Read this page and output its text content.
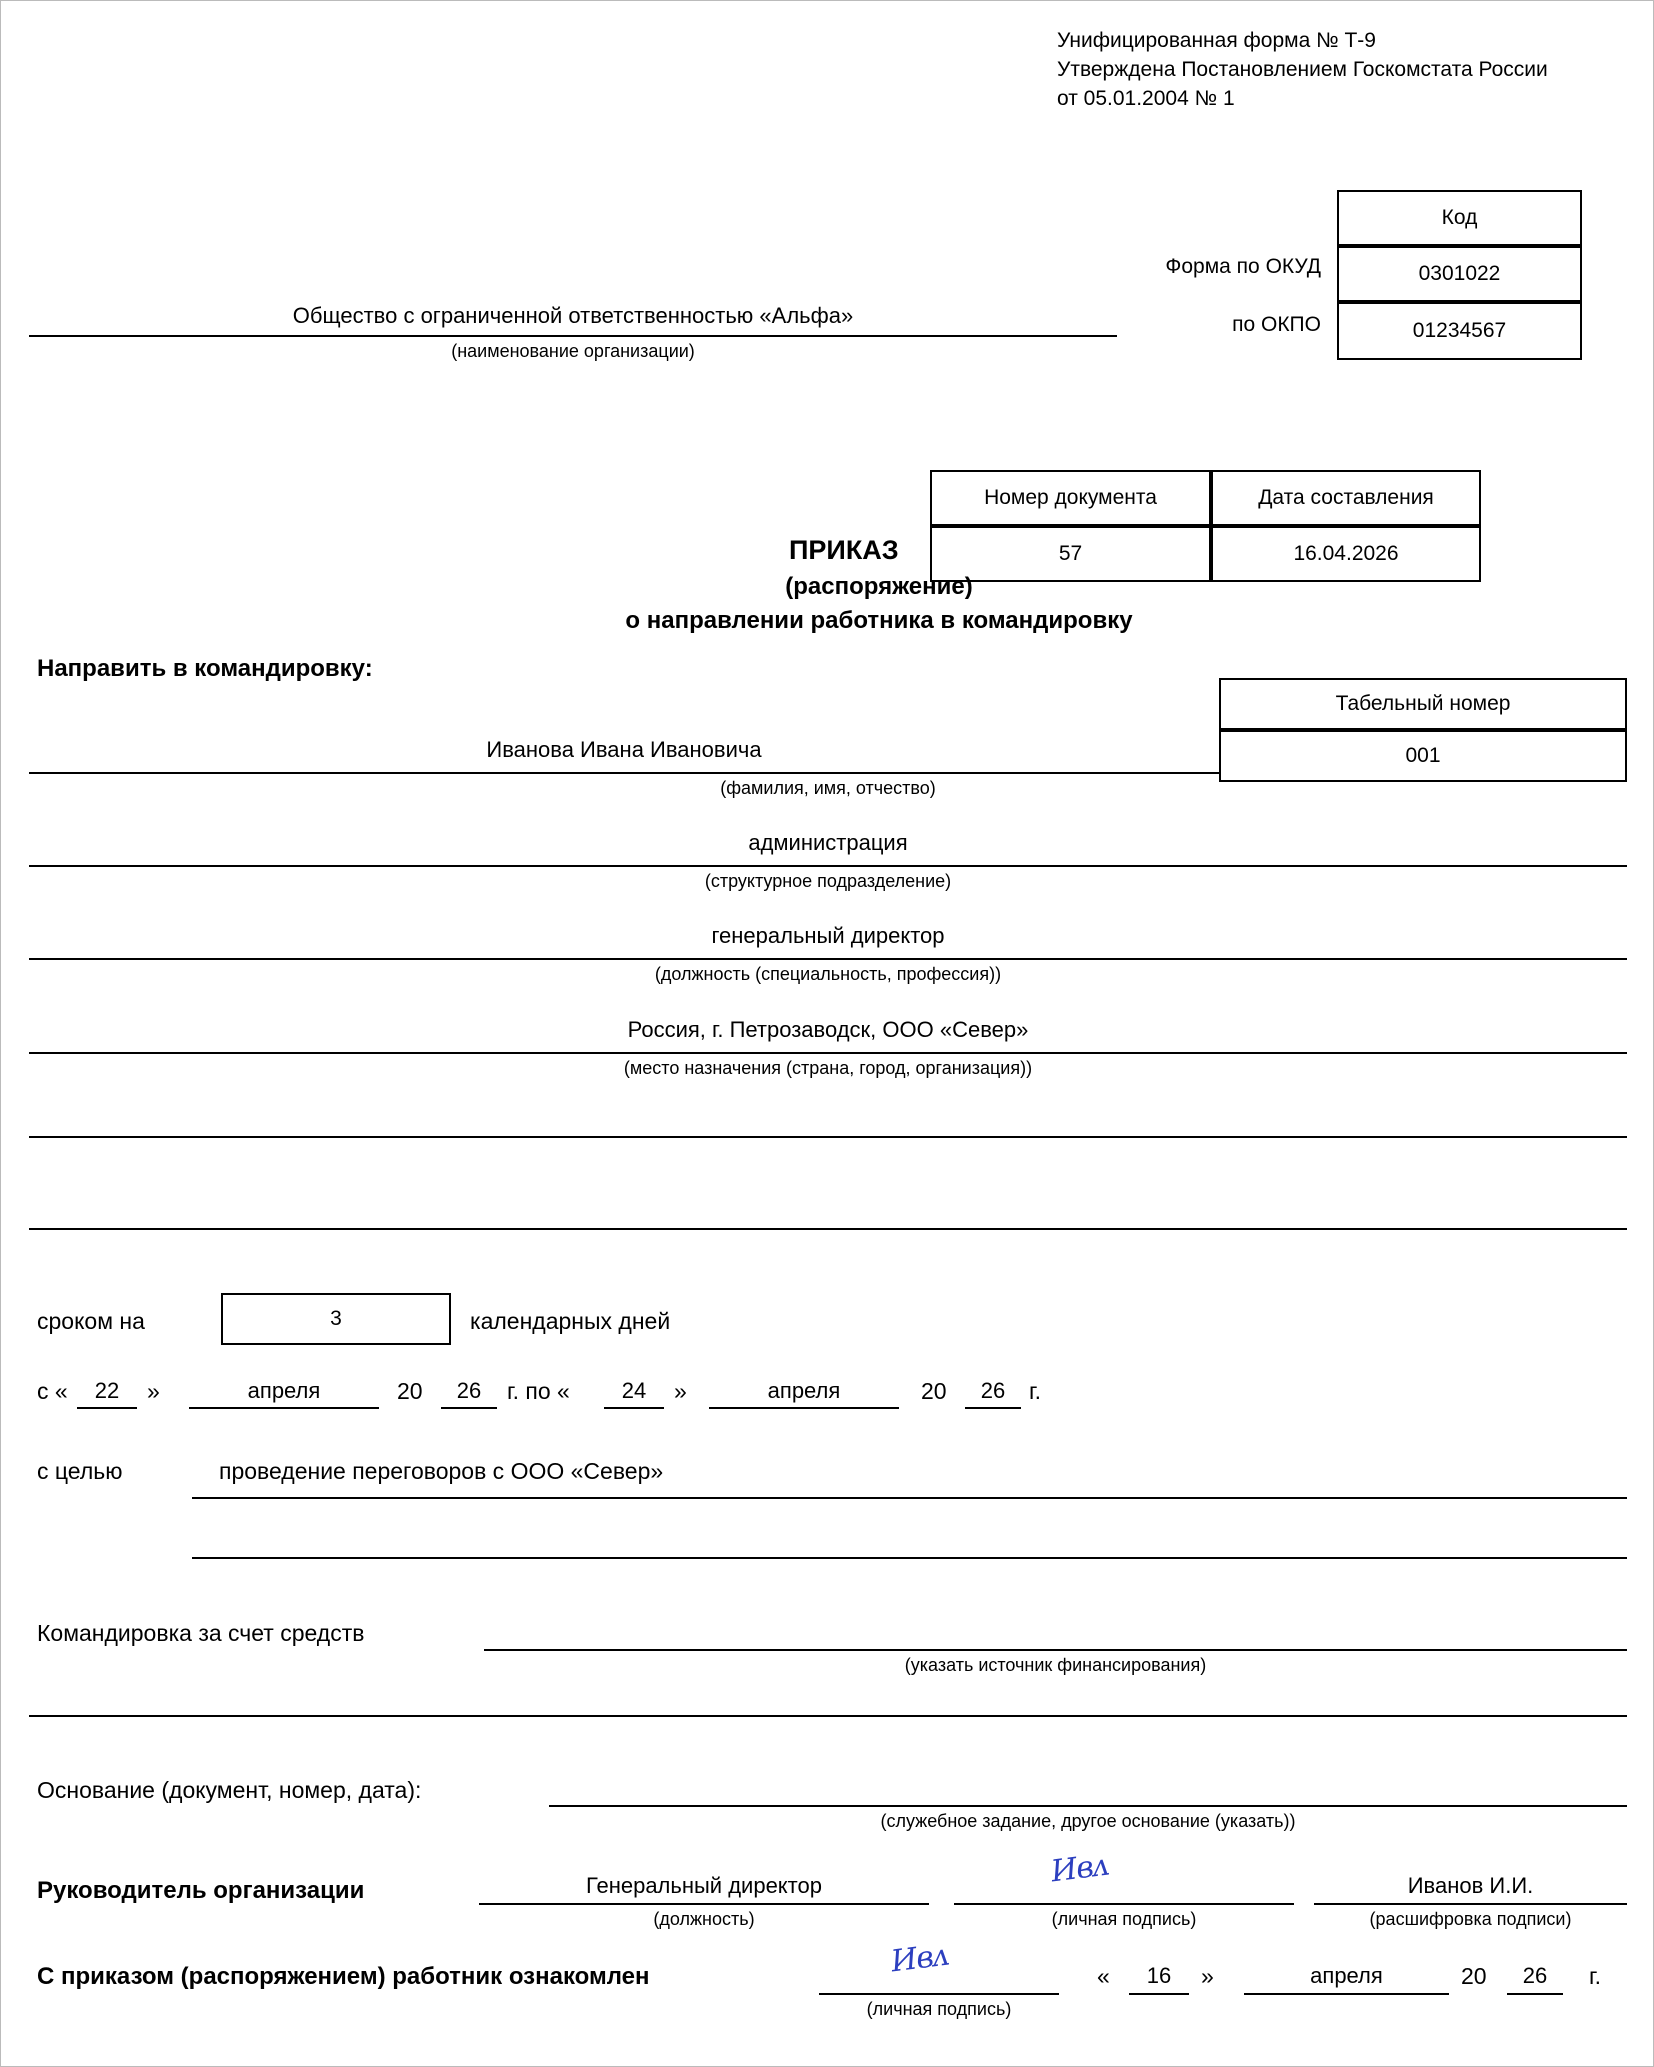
Унифицированная форма № Т-9
Утверждена Постановлением Госкомстата России
от 05.01.2004 № 1
Код
0301022
01234567
Форма по ОКУД
по ОКПО
Общество с ограниченной ответственностью «Альфа»
(наименование организации)
Номер документа	Дата составления
57	16.04.2026
ПРИКАЗ
(распоряжение)
о направлении работника в командировку
Направить в командировку:
Табельный номер
001
Иванова Ивана Ивановича
(фамилия, имя, отчество)
администрация
(структурное подразделение)
генеральный директор
(должность (специальность, профессия))
Россия, г. Петрозаводск, ООО «Север»
(место назначения (страна, город, организация))
сроком на	3	календарных дней
с «	22	»	апреля	20	26	г. по «	24	»	апреля	20	26	г.
с целью	проведение переговоров с ООО «Север»
Командировка за счет средств
(указать источник финансирования)
Основание (документ, номер, дата):
(служебное задание, другое основание (указать))
Руководитель организации	Генеральный директор
(должность)
Ивᴧ
(личная подпись)
Иванов И.И.
(расшифровка подписи)
С приказом (распоряжением) работник ознакомлен	Ивᴧ
(личная подпись)
«	16	»	апреля	20	26	г.
